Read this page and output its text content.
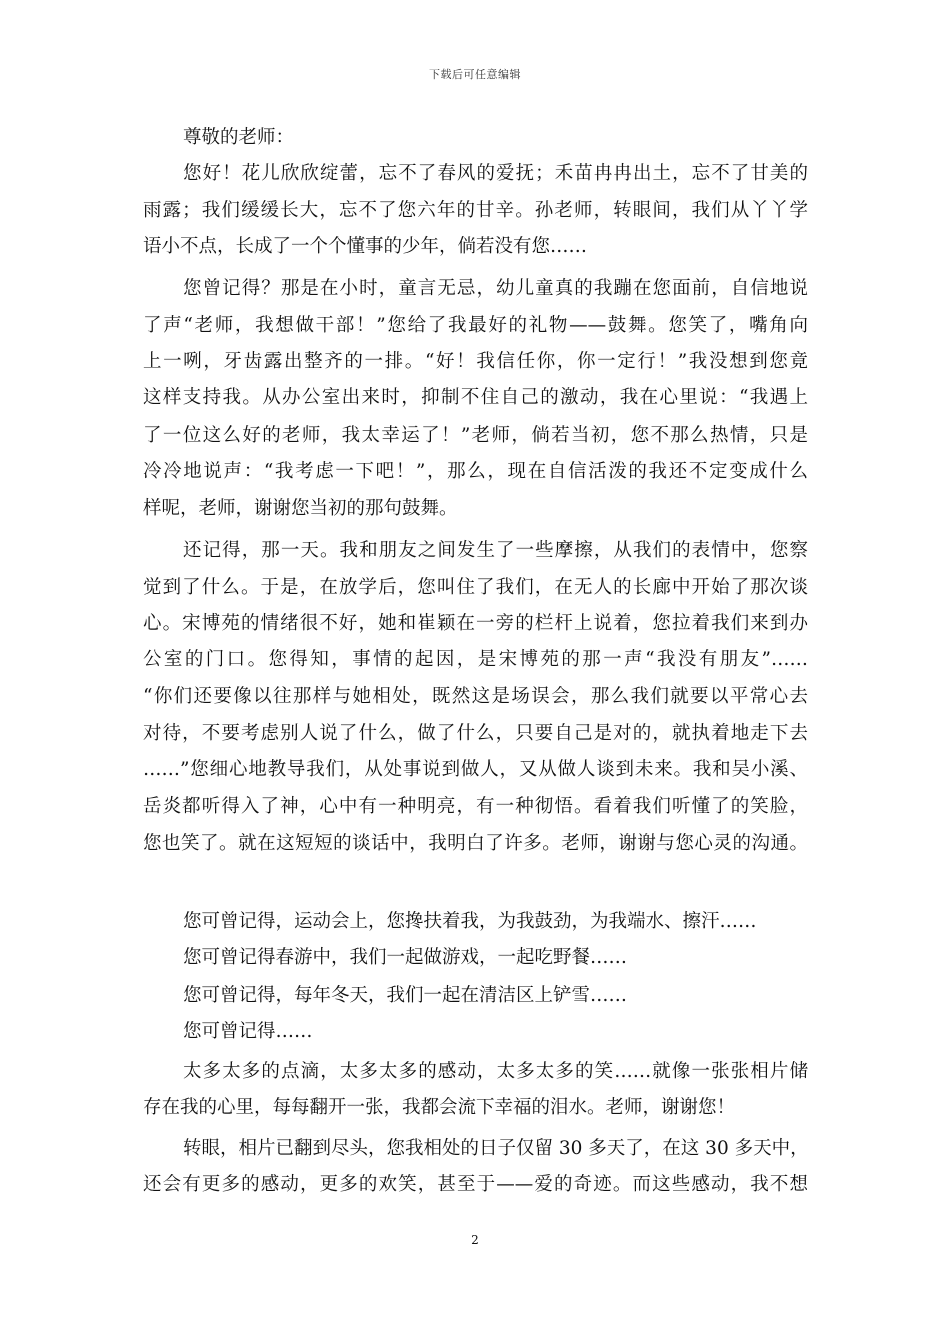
下载后可任意编辑
尊敬的老师：
您好！花儿欣欣绽蕾，忘不了春风的爱抚；禾苗冉冉出土，忘不了甘美的
雨露；我们缓缓长大，忘不了您六年的甘辛。孙老师，转眼间，我们从丫丫学
语小不点，长成了一个个懂事的少年，倘若没有您……
您曾记得？那是在小时，童言无忌，幼儿童真的我蹦在您面前，自信地说
了声“老师，我想做干部！”您给了我最好的礼物——鼓舞。您笑了，嘴角向
上一咧，牙齿露出整齐的一排。“好！我信任你，你一定行！”我没想到您竟
这样支持我。从办公室出来时，抑制不住自己的激动，我在心里说：“我遇上
了一位这么好的老师，我太幸运了！”老师，倘若当初，您不那么热情，只是
冷冷地说声：“我考虑一下吧！”，那么，现在自信活泼的我还不定变成什么
样呢，老师，谢谢您当初的那句鼓舞。
还记得，那一天。我和朋友之间发生了一些摩擦，从我们的表情中，您察
觉到了什么。于是，在放学后，您叫住了我们，在无人的长廊中开始了那次谈
心。宋博苑的情绪很不好，她和崔颖在一旁的栏杆上说着，您拉着我们来到办
公室的门口。您得知，事情的起因，是宋博苑的那一声“我没有朋友”……
“你们还要像以往那样与她相处，既然这是场误会，那么我们就要以平常心去
对待，不要考虑别人说了什么，做了什么，只要自己是对的，就执着地走下去
……”您细心地教导我们，从处事说到做人，又从做人谈到未来。我和吴小溪、
岳炎都听得入了神，心中有一种明亮，有一种彻悟。看着我们听懂了的笑脸，
您也笑了。就在这短短的谈话中，我明白了许多。老师，谢谢与您心灵的沟通。
您可曾记得，运动会上，您搀扶着我，为我鼓劲，为我端水、擦汗……
您可曾记得春游中，我们一起做游戏，一起吃野餐……
您可曾记得，每年冬天，我们一起在清洁区上铲雪……
您可曾记得……
太多太多的点滴，太多太多的感动，太多太多的笑……就像一张张相片储
存在我的心里，每每翻开一张，我都会流下幸福的泪水。老师，谢谢您！
转眼，相片已翻到尽头，您我相处的日子仅留 30 多天了，在这 30 多天中，
还会有更多的感动，更多的欢笑，甚至于——爱的奇迹。而这些感动，我不想
2
